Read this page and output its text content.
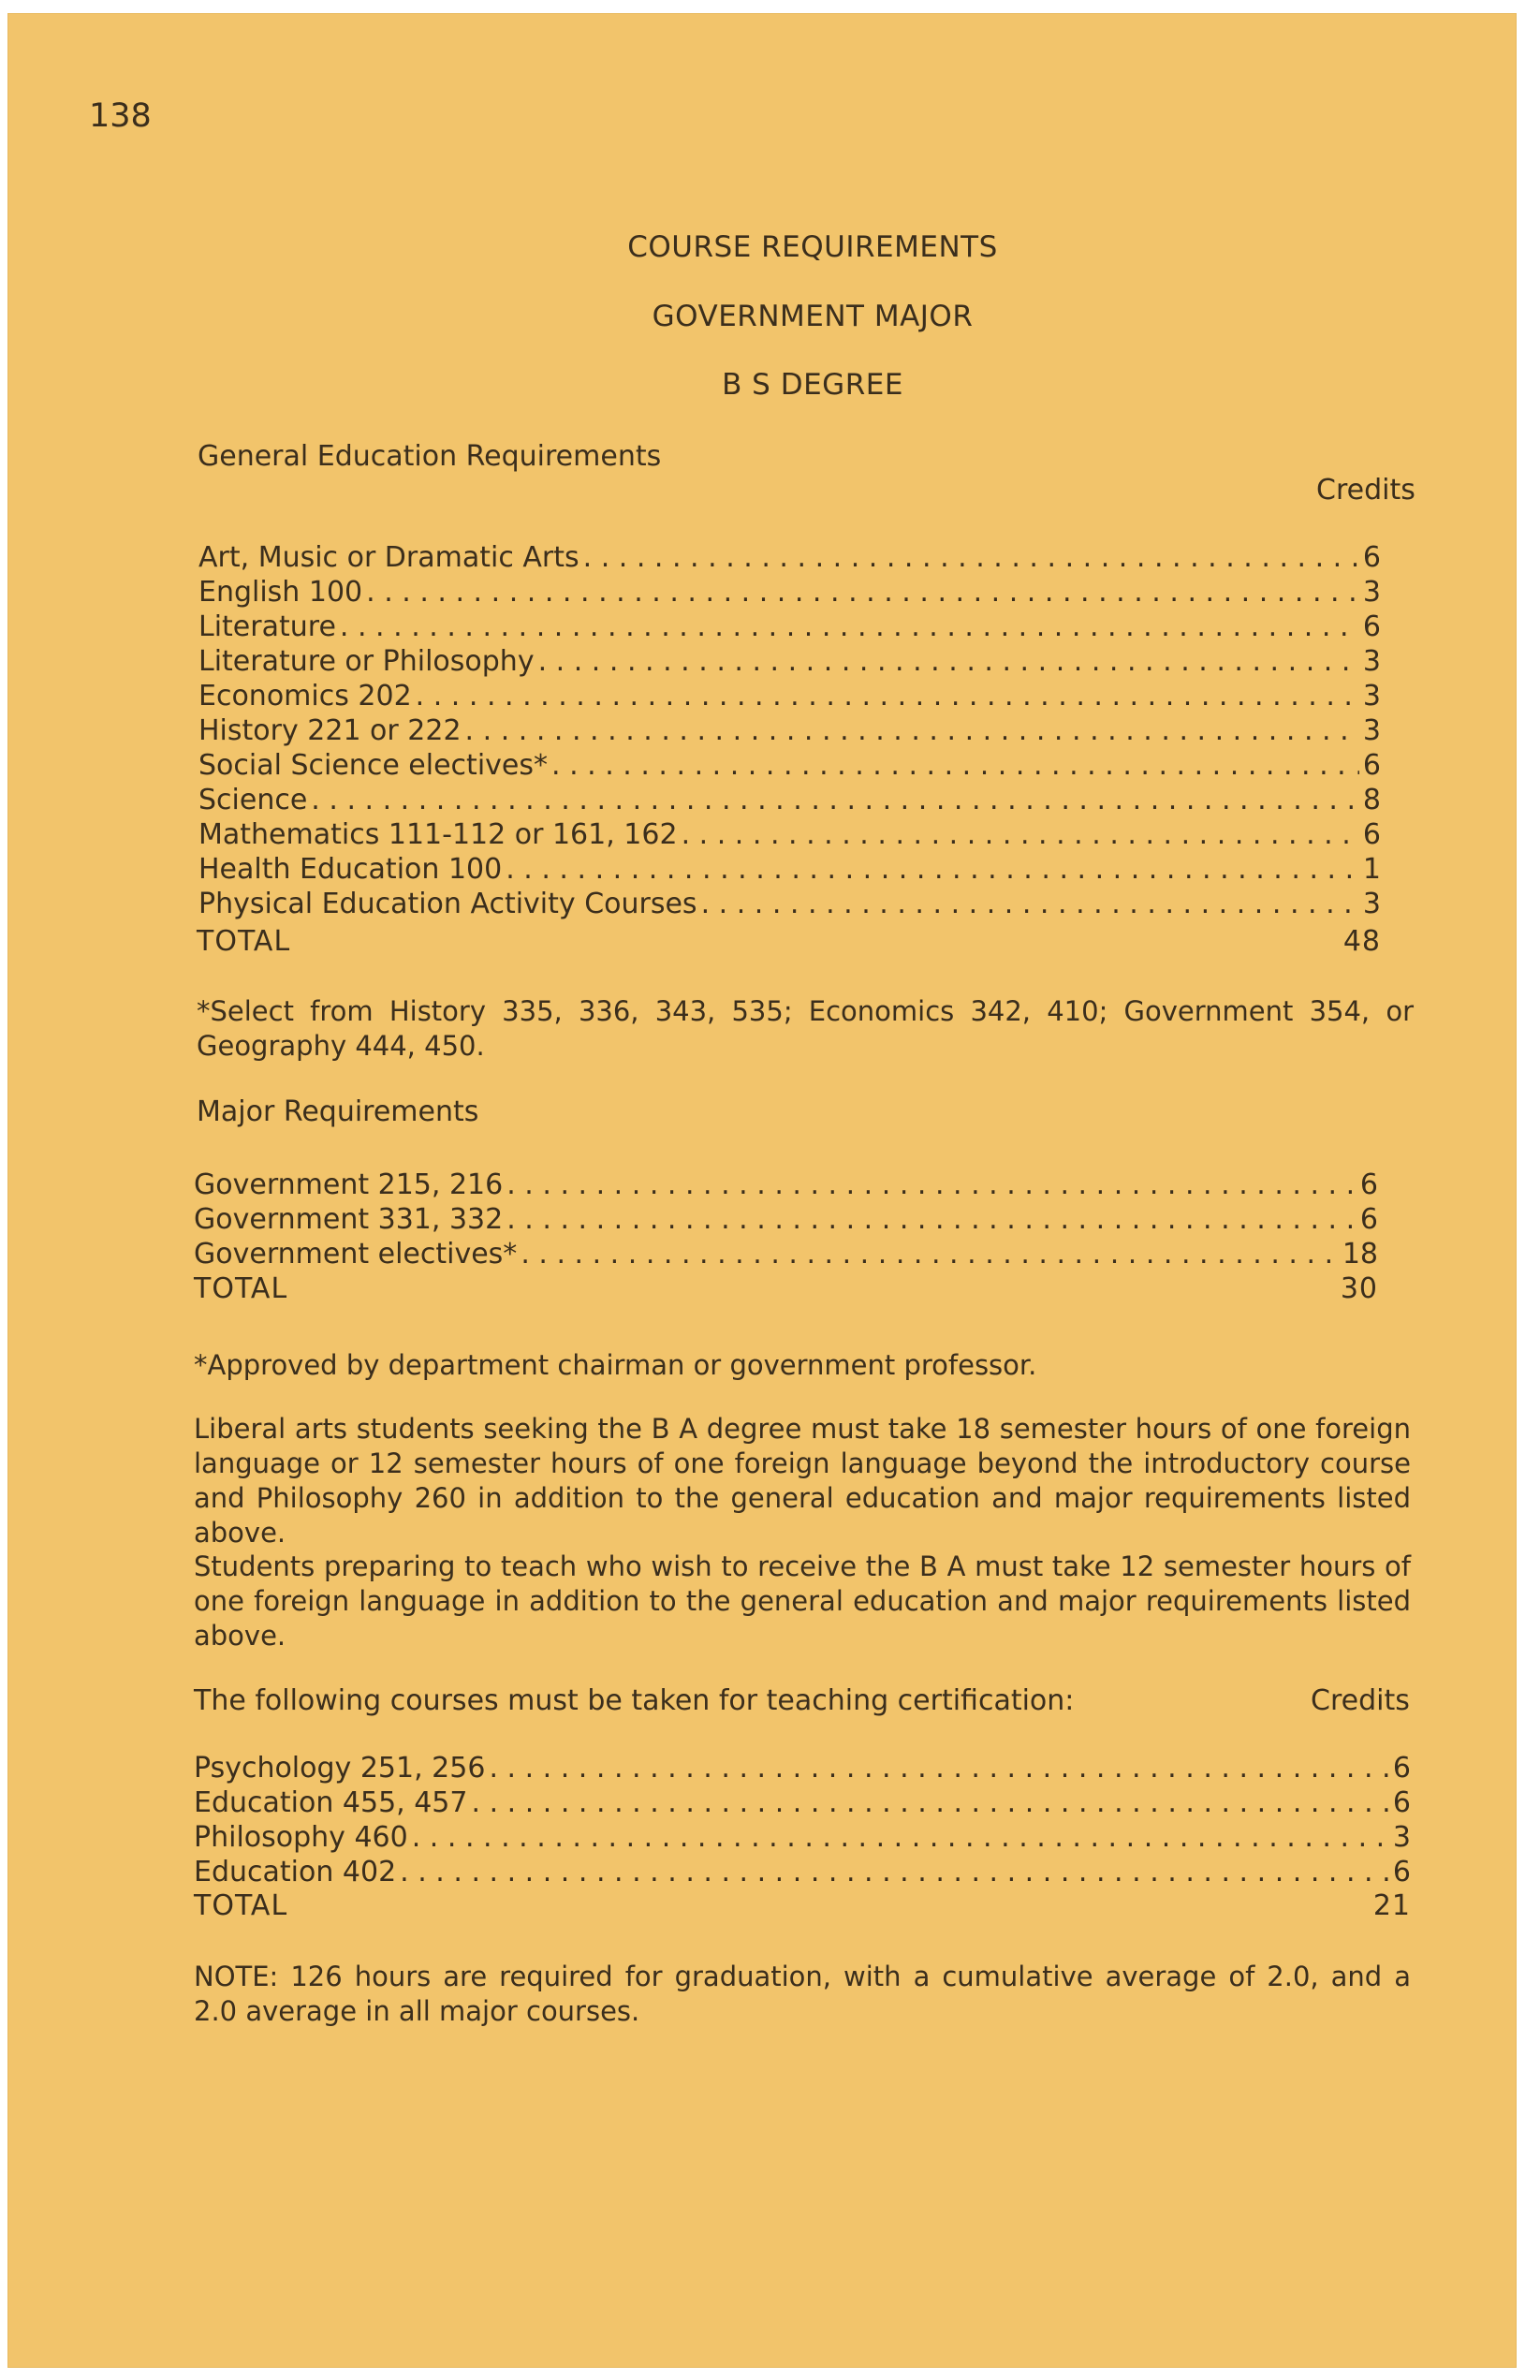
138
COURSE REQUIREMENTS
GOVERNMENT MAJOR
B S DEGREE
General Education Requirements
Credits
Art, Music or Dramatic Arts . . .	6
English 100 . . .	3
Literature . . .	6
Literature or Philosophy . . .	3
Economics 202 . . .	3
History 221 or 222 . . .	3
Social Science electives* . . .	6
Science . . .	8
Mathematics 111-112 or 161, 162 . . .	6
Health Education 100 . . .	1
Physical Education Activity Courses . . .	3
TOTAL	48
*Select from History 335, 336, 343, 535; Economics 342, 410; Government 354, or Geography 444, 450.
Major Requirements
Government 215, 216 . . .	6
Government 331, 332 . . .	6
Government electives* . . .	18
TOTAL	30
*Approved by department chairman or government professor.
Liberal arts students seeking the B A degree must take 18 semester hours of one foreign language or 12 semester hours of one foreign language beyond the introductory course and Philosophy 260 in addition to the general education and major requirements listed above.
Students preparing to teach who wish to receive the B A must take 12 semester hours of one foreign language in addition to the general education and major requirements listed above.
The following courses must be taken for teaching certification:	Credits
Psychology 251, 256 . . .	6
Education 455, 457 . . .	6
Philosophy 460 . . .	3
Education 402 . . .	6
TOTAL	21
NOTE: 126 hours are required for graduation, with a cumulative average of 2.0, and a 2.0 average in all major courses.
